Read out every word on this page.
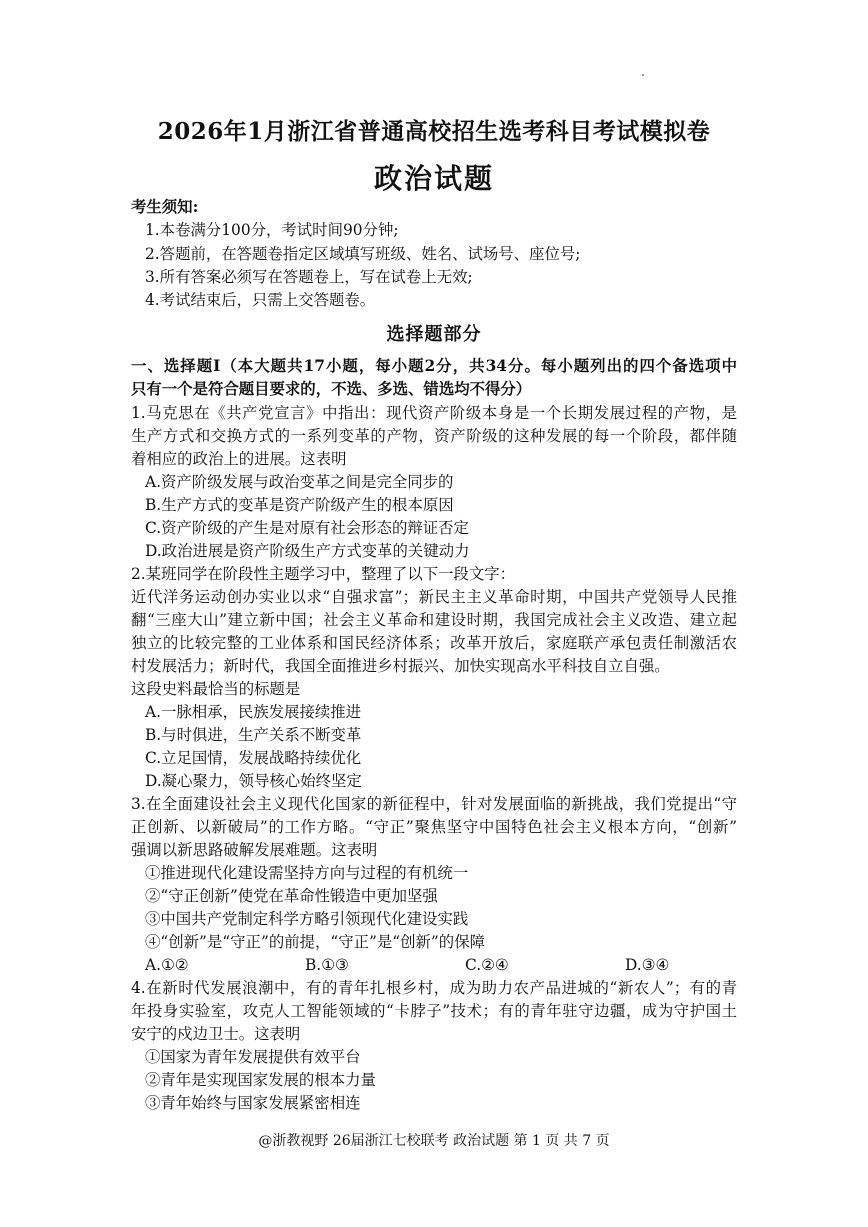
2026年1月浙江省普通高校招生选考科目考试模拟卷
政治试题
考生须知:
1.本卷满分100分，考试时间90分钟;
2.答题前，在答题卷指定区域填写班级、姓名、试场号、座位号;
3.所有答案必须写在答题卷上，写在试卷上无效;
4.考试结束后，只需上交答题卷。
选择题部分
一、选择题Ⅰ（本大题共17小题，每小题2分，共34分。每小题列出的四个备选项中
只有一个是符合题目要求的，不选、多选、错选均不得分）
1.马克思在《共产党宣言》中指出：现代资产阶级本身是一个长期发展过程的产物，是
生产方式和交换方式的一系列变革的产物，资产阶级的这种发展的每一个阶段，都伴随
着相应的政治上的进展。这表明
A.资产阶级发展与政治变革之间是完全同步的
B.生产方式的变革是资产阶级产生的根本原因
C.资产阶级的产生是对原有社会形态的辩证否定
D.政治进展是资产阶级生产方式变革的关键动力
2.某班同学在阶段性主题学习中，整理了以下一段文字：
近代洋务运动创办实业以求“自强求富”；新民主主义革命时期，中国共产党领导人民推
翻“三座大山”建立新中国；社会主义革命和建设时期，我国完成社会主义改造、建立起
独立的比较完整的工业体系和国民经济体系；改革开放后，家庭联产承包责任制激活农
村发展活力；新时代，我国全面推进乡村振兴、加快实现高水平科技自立自强。
这段史料最恰当的标题是
A.一脉相承，民族发展接续推进
B.与时俱进，生产关系不断变革
C.立足国情，发展战略持续优化
D.凝心聚力，领导核心始终坚定
3.在全面建设社会主义现代化国家的新征程中，针对发展面临的新挑战，我们党提出“守
正创新、以新破局”的工作方略。“守正”聚焦坚守中国特色社会主义根本方向，“创新”
强调以新思路破解发展难题。这表明
①推进现代化建设需坚持方向与过程的有机统一
②“守正创新”使党在革命性锻造中更加坚强
③中国共产党制定科学方略引领现代化建设实践
④“创新”是“守正”的前提，“守正”是“创新”的保障
A.①②	B.①③	C.②④	D.③④
4.在新时代发展浪潮中，有的青年扎根乡村，成为助力农产品进城的“新农人”；有的青
年投身实验室，攻克人工智能领域的“卡脖子”技术；有的青年驻守边疆，成为守护国土
安宁的戍边卫士。这表明
①国家为青年发展提供有效平台
②青年是实现国家发展的根本力量
③青年始终与国家发展紧密相连
@浙教视野 26届浙江七校联考 政治试题 第 1 页 共 7 页
